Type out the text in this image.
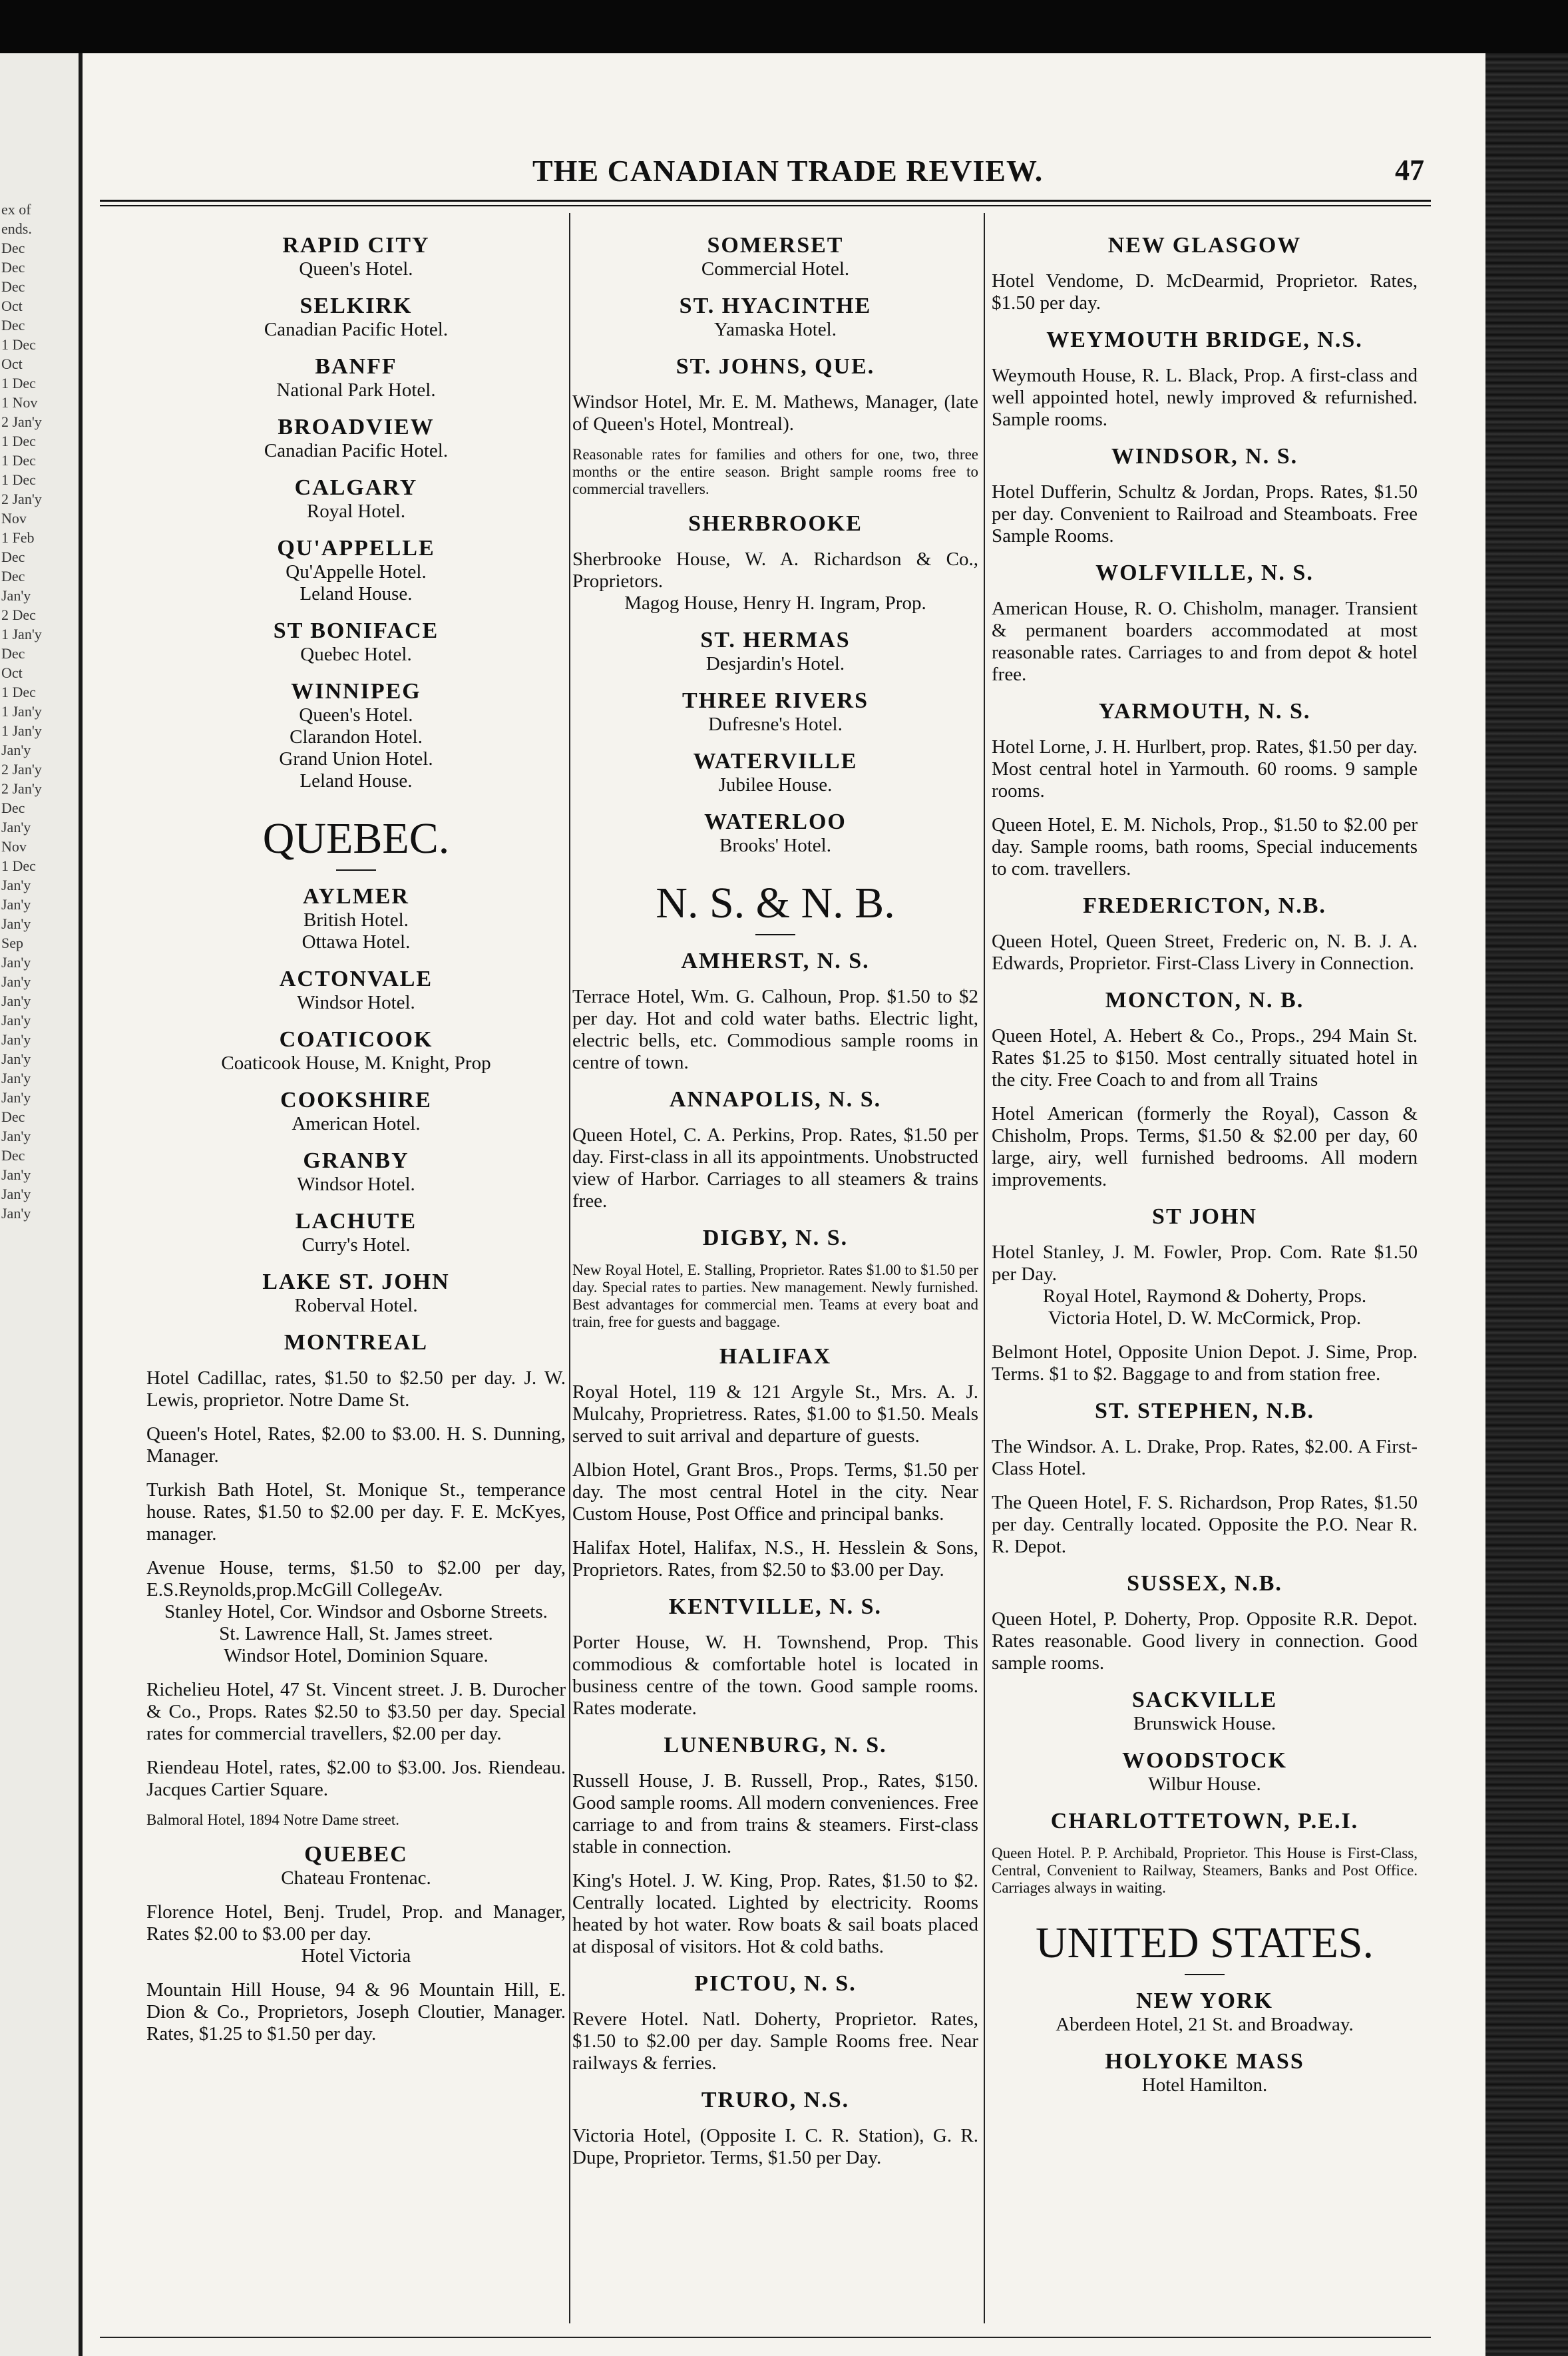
ex of
ends.
Dec
Dec
Dec
Oct
Dec
1 Dec
Oct
1 Dec
1 Nov
2 Jan'y
1 Dec
1 Dec
1 Dec
2 Jan'y
Nov
1 Feb
Dec
Dec
Jan'y
2 Dec
1 Jan'y
Dec
Oct
1 Dec
1 Jan'y
1 Jan'y
Jan'y
2 Jan'y
2 Jan'y
Dec
Jan'y
Nov
1 Dec
Jan'y
Jan'y
Jan'y
Sep
Jan'y
Jan'y
Jan'y
Jan'y
Jan'y
Jan'y
Jan'y
Jan'y
Dec
Jan'y
Dec
Jan'y
Jan'y
Jan'y
THE CANADIAN TRADE REVIEW.	47
RAPID CITY
Queen's Hotel.
SELKIRK
Canadian Pacific Hotel.
BANFF
National Park Hotel.
BROADVIEW
Canadian Pacific Hotel.
CALGARY
Royal Hotel.
QU'APPELLE
Qu'Appelle Hotel.
Leland House.
ST BONIFACE
Quebec Hotel.
WINNIPEG
Queen's Hotel.
Clarandon Hotel.
Grand Union Hotel.
Leland House.
QUEBEC.
AYLMER
British Hotel.
Ottawa Hotel.
ACTONVALE
Windsor Hotel.
COATICOOK
Coaticook House, M. Knight, Prop
COOKSHIRE
American Hotel.
GRANBY
Windsor Hotel.
LACHUTE
Curry's Hotel.
LAKE ST. JOHN
Roberval Hotel.
MONTREAL
Hotel Cadillac, rates, $1.50 to $2.50 per day. J. W. Lewis, proprietor. Notre Dame St.
Queen's Hotel, Rates, $2.00 to $3.00. H. S. Dunning, Manager.
Turkish Bath Hotel, St. Monique St., temperance house. Rates, $1.50 to $2.00 per day. F. E. McKyes, manager.
Avenue House, terms, $1.50 to $2.00 per day, E.S.Reynolds,prop.McGill CollegeAv.
Stanley Hotel, Cor. Windsor and Osborne Streets.
St. Lawrence Hall, St. James street.
Windsor Hotel, Dominion Square.
Richelieu Hotel, 47 St. Vincent street. J. B. Durocher & Co., Props. Rates $2.50 to $3.50 per day. Special rates for commercial travellers, $2.00 per day.
Riendeau Hotel, rates, $2.00 to $3.00. Jos. Riendeau. Jacques Cartier Square.
Balmoral Hotel, 1894 Notre Dame street.
QUEBEC
Chateau Frontenac.
Florence Hotel, Benj. Trudel, Prop. and Manager, Rates $2.00 to $3.00 per day.
Hotel Victoria
Mountain Hill House, 94 & 96 Mountain Hill, E. Dion & Co., Proprietors, Joseph Cloutier, Manager. Rates, $1.25 to $1.50 per day.
SOMERSET
Commercial Hotel.
ST. HYACINTHE
Yamaska Hotel.
ST. JOHNS, QUE.
Windsor Hotel, Mr. E. M. Mathews, Manager, (late of Queen's Hotel, Montreal).
Reasonable rates for families and others for one, two, three months or the entire season. Bright sample rooms free to commercial travellers.
SHERBROOKE
Sherbrooke House, W. A. Richardson & Co., Proprietors.
Magog House, Henry H. Ingram, Prop.
ST. HERMAS
Desjardin's Hotel.
THREE RIVERS
Dufresne's Hotel.
WATERVILLE
Jubilee House.
WATERLOO
Brooks' Hotel.
N. S. & N. B.
AMHERST, N. S.
Terrace Hotel, Wm. G. Calhoun, Prop. $1.50 to $2 per day. Hot and cold water baths. Electric light, electric bells, etc. Commodious sample rooms in centre of town.
ANNAPOLIS, N. S.
Queen Hotel, C. A. Perkins, Prop. Rates, $1.50 per day. First-class in all its appointments. Unobstructed view of Harbor. Carriages to all steamers & trains free.
DIGBY, N. S.
New Royal Hotel, E. Stalling, Proprietor. Rates $1.00 to $1.50 per day. Special rates to parties. New management. Newly furnished. Best advantages for commercial men. Teams at every boat and train, free for guests and baggage.
HALIFAX
Royal Hotel, 119 & 121 Argyle St., Mrs. A. J. Mulcahy, Proprietress. Rates, $1.00 to $1.50. Meals served to suit arrival and departure of guests.
Albion Hotel, Grant Bros., Props. Terms, $1.50 per day. The most central Hotel in the city. Near Custom House, Post Office and principal banks.
Halifax Hotel, Halifax, N.S., H. Hesslein & Sons, Proprietors. Rates, from $2.50 to $3.00 per Day.
KENTVILLE, N. S.
Porter House, W. H. Townshend, Prop. This commodious & comfortable hotel is located in business centre of the town. Good sample rooms. Rates moderate.
LUNENBURG, N. S.
Russell House, J. B. Russell, Prop., Rates, $150. Good sample rooms. All modern conveniences. Free carriage to and from trains & steamers. First-class stable in connection.
King's Hotel. J. W. King, Prop. Rates, $1.50 to $2. Centrally located. Lighted by electricity. Rooms heated by hot water. Row boats & sail boats placed at disposal of visitors. Hot & cold baths.
PICTOU, N. S.
Revere Hotel. Natl. Doherty, Proprietor. Rates, $1.50 to $2.00 per day. Sample Rooms free. Near railways & ferries.
TRURO, N.S.
Victoria Hotel, (Opposite I. C. R. Station), G. R. Dupe, Proprietor. Terms, $1.50 per Day.
NEW GLASGOW
Hotel Vendome, D. McDearmid, Proprietor. Rates, $1.50 per day.
WEYMOUTH BRIDGE, N.S.
Weymouth House, R. L. Black, Prop. A first-class and well appointed hotel, newly improved & refurnished. Sample rooms.
WINDSOR, N. S.
Hotel Dufferin, Schultz & Jordan, Props. Rates, $1.50 per day. Convenient to Railroad and Steamboats. Free Sample Rooms.
WOLFVILLE, N. S.
American House, R. O. Chisholm, manager. Transient & permanent boarders accommodated at most reasonable rates. Carriages to and from depot & hotel free.
YARMOUTH, N. S.
Hotel Lorne, J. H. Hurlbert, prop. Rates, $1.50 per day. Most central hotel in Yarmouth. 60 rooms. 9 sample rooms.
Queen Hotel, E. M. Nichols, Prop., $1.50 to $2.00 per day. Sample rooms, bath rooms, Special inducements to com. travellers.
FREDERICTON, N.B.
Queen Hotel, Queen Street, Frederic on, N. B. J. A. Edwards, Proprietor. First-Class Livery in Connection.
MONCTON, N. B.
Queen Hotel, A. Hebert & Co., Props., 294 Main St. Rates $1.25 to $150. Most centrally situated hotel in the city. Free Coach to and from all Trains
Hotel American (formerly the Royal), Casson & Chisholm, Props. Terms, $1.50 & $2.00 per day, 60 large, airy, well furnished bedrooms. All modern improvements.
ST JOHN
Hotel Stanley, J. M. Fowler, Prop. Com. Rate $1.50 per Day.
Royal Hotel, Raymond & Doherty, Props.
Victoria Hotel, D. W. McCormick, Prop.
Belmont Hotel, Opposite Union Depot. J. Sime, Prop. Terms. $1 to $2. Baggage to and from station free.
ST. STEPHEN, N.B.
The Windsor. A. L. Drake, Prop. Rates, $2.00. A First-Class Hotel.
The Queen Hotel, F. S. Richardson, Prop Rates, $1.50 per day. Centrally located. Opposite the P.O. Near R. R. Depot.
SUSSEX, N.B.
Queen Hotel, P. Doherty, Prop. Opposite R.R. Depot. Rates reasonable. Good livery in connection. Good sample rooms.
SACKVILLE
Brunswick House.
WOODSTOCK
Wilbur House.
CHARLOTTETOWN, P.E.I.
Queen Hotel. P. P. Archibald, Proprietor. This House is First-Class, Central, Convenient to Railway, Steamers, Banks and Post Office. Carriages always in waiting.
UNITED STATES.
NEW YORK
Aberdeen Hotel, 21 St. and Broadway.
HOLYOKE MASS
Hotel Hamilton.
